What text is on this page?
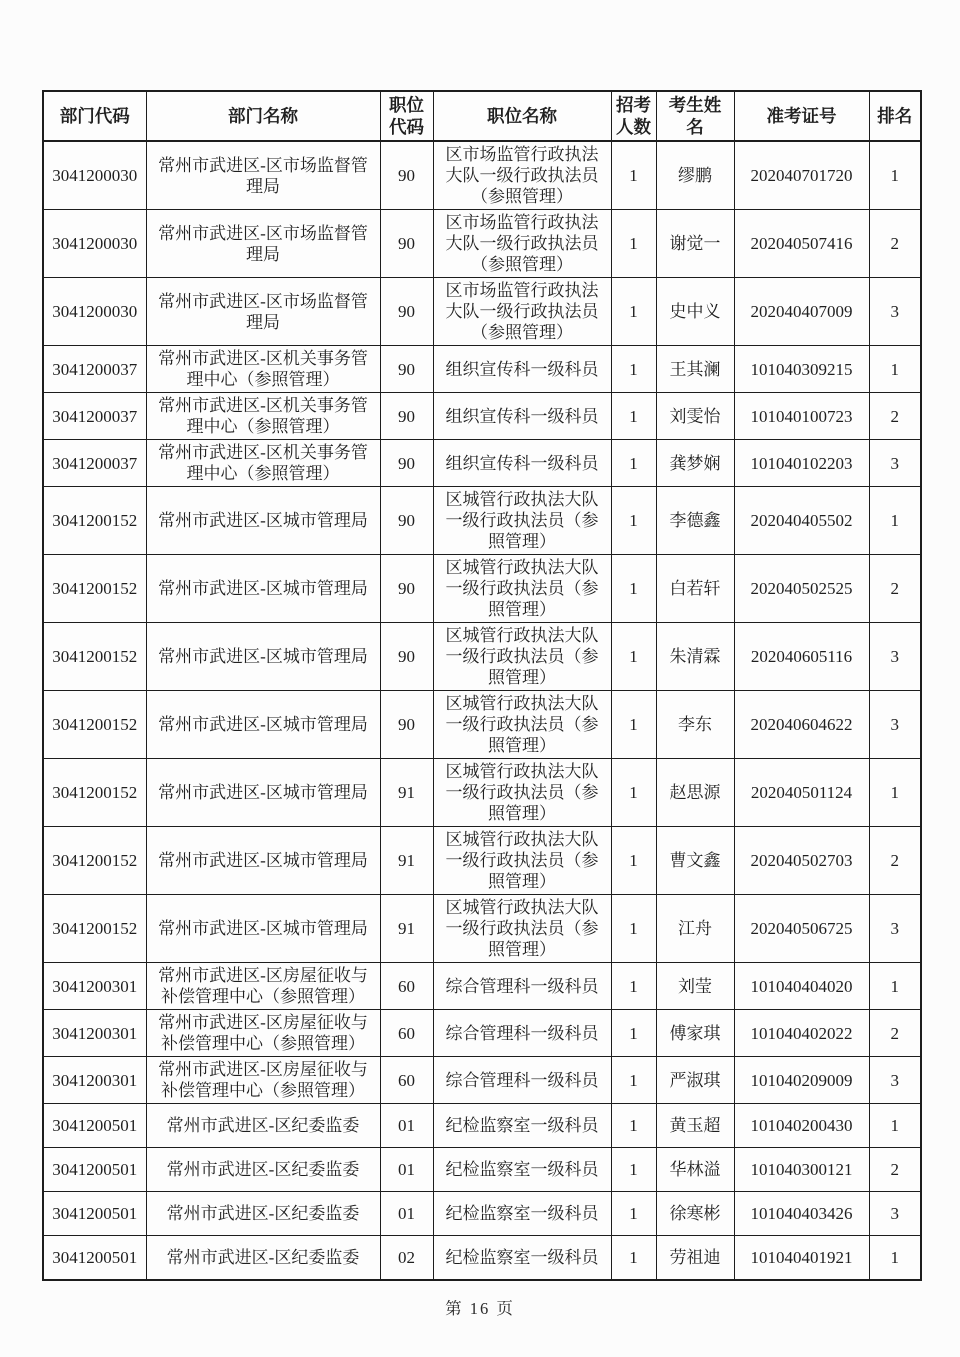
部门代码	部门名称	职位代码	职位名称	招考人数	考生姓名	准考证号	排名
3041200030	常州市武进区-区市场监督管理局	90	区市场监管行政执法大队一级行政执法员（参照管理）	1	缪鹏	202040701720	1
3041200030	常州市武进区-区市场监督管理局	90	区市场监管行政执法大队一级行政执法员（参照管理）	1	谢觉一	202040507416	2
3041200030	常州市武进区-区市场监督管理局	90	区市场监管行政执法大队一级行政执法员（参照管理）	1	史中义	202040407009	3
3041200037	常州市武进区-区机关事务管理中心（参照管理）	90	组织宣传科一级科员	1	王其澜	101040309215	1
3041200037	常州市武进区-区机关事务管理中心（参照管理）	90	组织宣传科一级科员	1	刘雯怡	101040100723	2
3041200037	常州市武进区-区机关事务管理中心（参照管理）	90	组织宣传科一级科员	1	龚梦娴	101040102203	3
3041200152	常州市武进区-区城市管理局	90	区城管行政执法大队一级行政执法员（参照管理）	1	李德鑫	202040405502	1
3041200152	常州市武进区-区城市管理局	90	区城管行政执法大队一级行政执法员（参照管理）	1	白若轩	202040502525	2
3041200152	常州市武进区-区城市管理局	90	区城管行政执法大队一级行政执法员（参照管理）	1	朱清霖	202040605116	3
3041200152	常州市武进区-区城市管理局	90	区城管行政执法大队一级行政执法员（参照管理）	1	李东	202040604622	3
3041200152	常州市武进区-区城市管理局	91	区城管行政执法大队一级行政执法员（参照管理）	1	赵思源	202040501124	1
3041200152	常州市武进区-区城市管理局	91	区城管行政执法大队一级行政执法员（参照管理）	1	曹文鑫	202040502703	2
3041200152	常州市武进区-区城市管理局	91	区城管行政执法大队一级行政执法员（参照管理）	1	江舟	202040506725	3
3041200301	常州市武进区-区房屋征收与补偿管理中心（参照管理）	60	综合管理科一级科员	1	刘莹	101040404020	1
3041200301	常州市武进区-区房屋征收与补偿管理中心（参照管理）	60	综合管理科一级科员	1	傅家琪	101040402022	2
3041200301	常州市武进区-区房屋征收与补偿管理中心（参照管理）	60	综合管理科一级科员	1	严淑琪	101040209009	3
3041200501	常州市武进区-区纪委监委	01	纪检监察室一级科员	1	黄玉超	101040200430	1
3041200501	常州市武进区-区纪委监委	01	纪检监察室一级科员	1	华林溢	101040300121	2
3041200501	常州市武进区-区纪委监委	01	纪检监察室一级科员	1	徐寒彬	101040403426	3
3041200501	常州市武进区-区纪委监委	02	纪检监察室一级科员	1	劳祖迪	101040401921	1
第 16 页
